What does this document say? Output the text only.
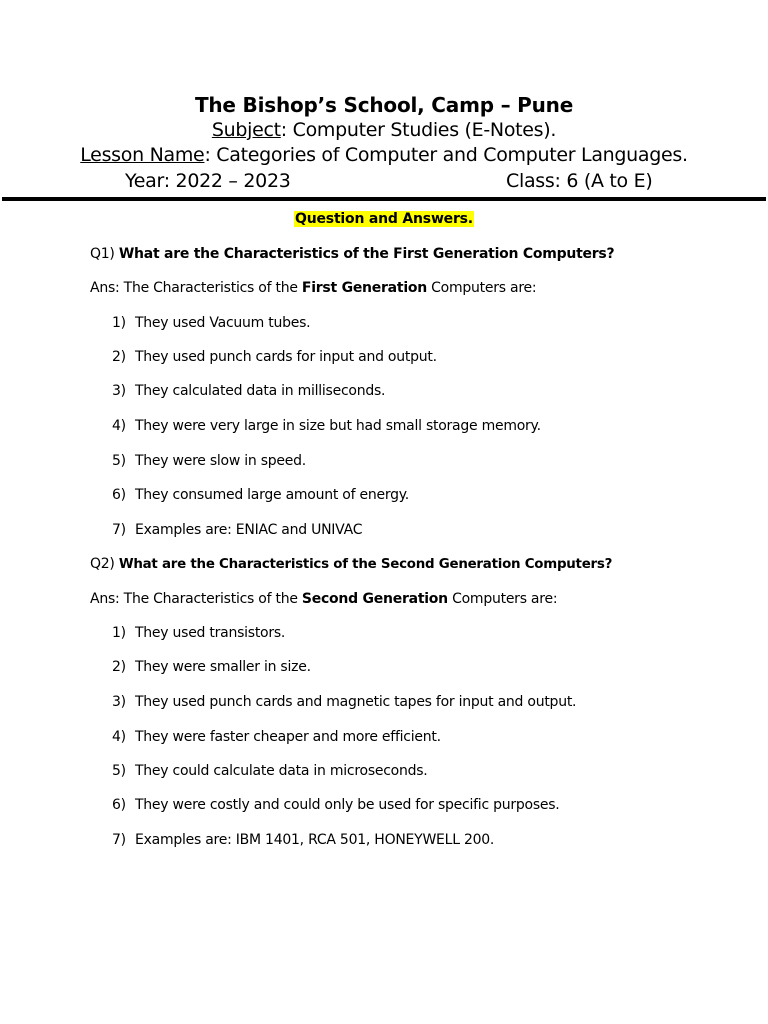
The Bishop’s School, Camp – Pune
Subject: Computer Studies (E-Notes).
Lesson Name: Categories of Computer and Computer Languages.
Year: 2022 – 2023	Class: 6 (A to E)
Question and Answers.
Q1) What are the Characteristics of the First Generation Computers?
Ans: The Characteristics of the First Generation Computers are:
1) They used Vacuum tubes.
2) They used punch cards for input and output.
3) They calculated data in milliseconds.
4) They were very large in size but had small storage memory.
5) They were slow in speed.
6) They consumed large amount of energy.
7) Examples are: ENIAC and UNIVAC
Q2) What are the Characteristics of the Second Generation Computers?
Ans: The Characteristics of the Second Generation Computers are:
1) They used transistors.
2) They were smaller in size.
3) They used punch cards and magnetic tapes for input and output.
4) They were faster cheaper and more efficient.
5) They could calculate data in microseconds.
6) They were costly and could only be used for specific purposes.
7) Examples are: IBM 1401, RCA 501, HONEYWELL 200.
